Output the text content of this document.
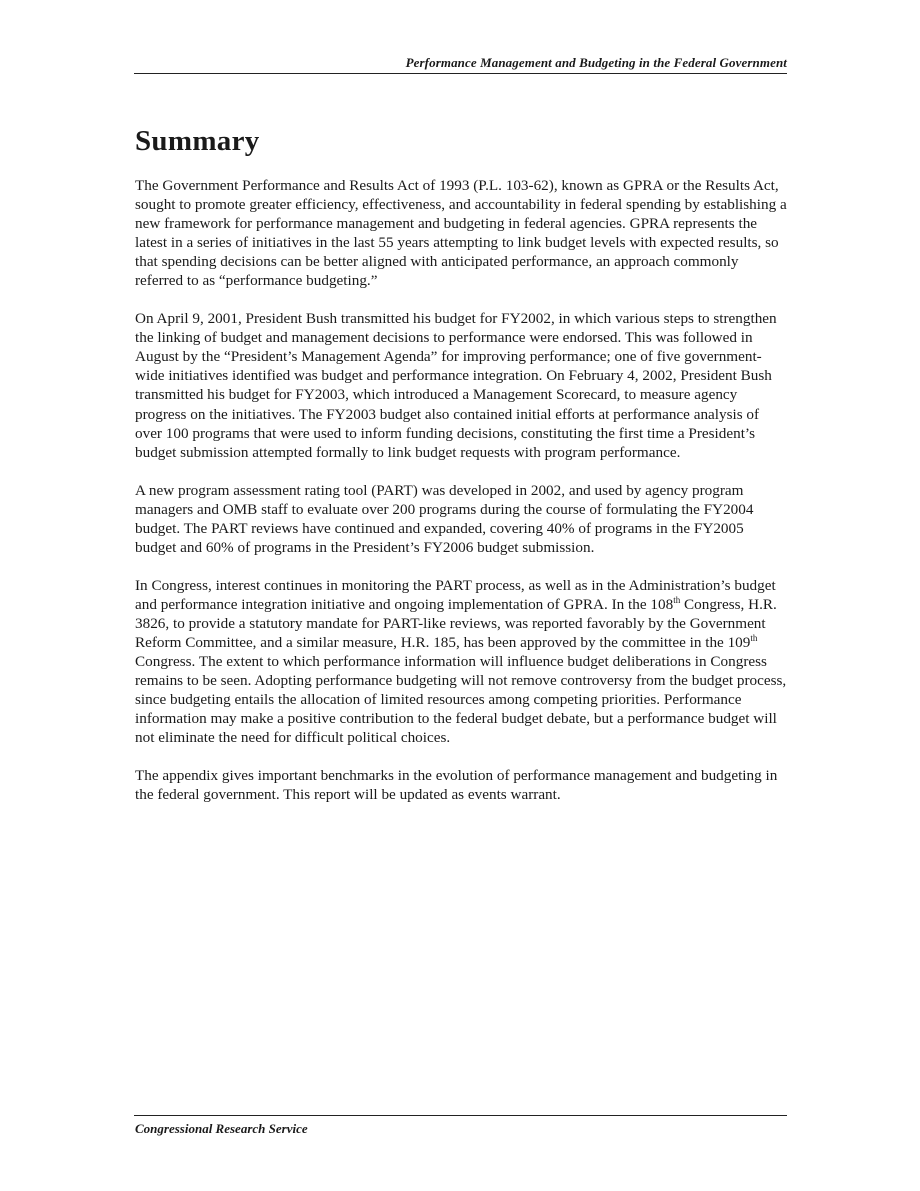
Performance Management and Budgeting in the Federal Government
Summary

The Government Performance and Results Act of 1993 (P.L. 103-62), known as GPRA or the Results Act, sought to promote greater efficiency, effectiveness, and accountability in federal spending by establishing a new framework for performance management and budgeting in federal agencies. GPRA represents the latest in a series of initiatives in the last 55 years attempting to link budget levels with expected results, so that spending decisions can be better aligned with anticipated performance, an approach commonly referred to as “performance budgeting.”

On April 9, 2001, President Bush transmitted his budget for FY2002, in which various steps to strengthen the linking of budget and management decisions to performance were endorsed. This was followed in August by the “President’s Management Agenda” for improving performance; one of five government-wide initiatives identified was budget and performance integration. On February 4, 2002, President Bush transmitted his budget for FY2003, which introduced a Management Scorecard, to measure agency progress on the initiatives. The FY2003 budget also contained initial efforts at performance analysis of over 100 programs that were used to inform funding decisions, constituting the first time a President’s budget submission attempted formally to link budget requests with program performance.

A new program assessment rating tool (PART) was developed in 2002, and used by agency program managers and OMB staff to evaluate over 200 programs during the course of formulating the FY2004 budget. The PART reviews have continued and expanded, covering 40% of programs in the FY2005 budget and 60% of programs in the President’s FY2006 budget submission.

In Congress, interest continues in monitoring the PART process, as well as in the Administration’s budget and performance integration initiative and ongoing implementation of GPRA. In the 108th Congress, H.R. 3826, to provide a statutory mandate for PART-like reviews, was reported favorably by the Government Reform Committee, and a similar measure, H.R. 185, has been approved by the committee in the 109th Congress. The extent to which performance information will influence budget deliberations in Congress remains to be seen. Adopting performance budgeting will not remove controversy from the budget process, since budgeting entails the allocation of limited resources among competing priorities. Performance information may make a positive contribution to the federal budget debate, but a performance budget will not eliminate the need for difficult political choices.

The appendix gives important benchmarks in the evolution of performance management and budgeting in the federal government. This report will be updated as events warrant.

Congressional Research Service
